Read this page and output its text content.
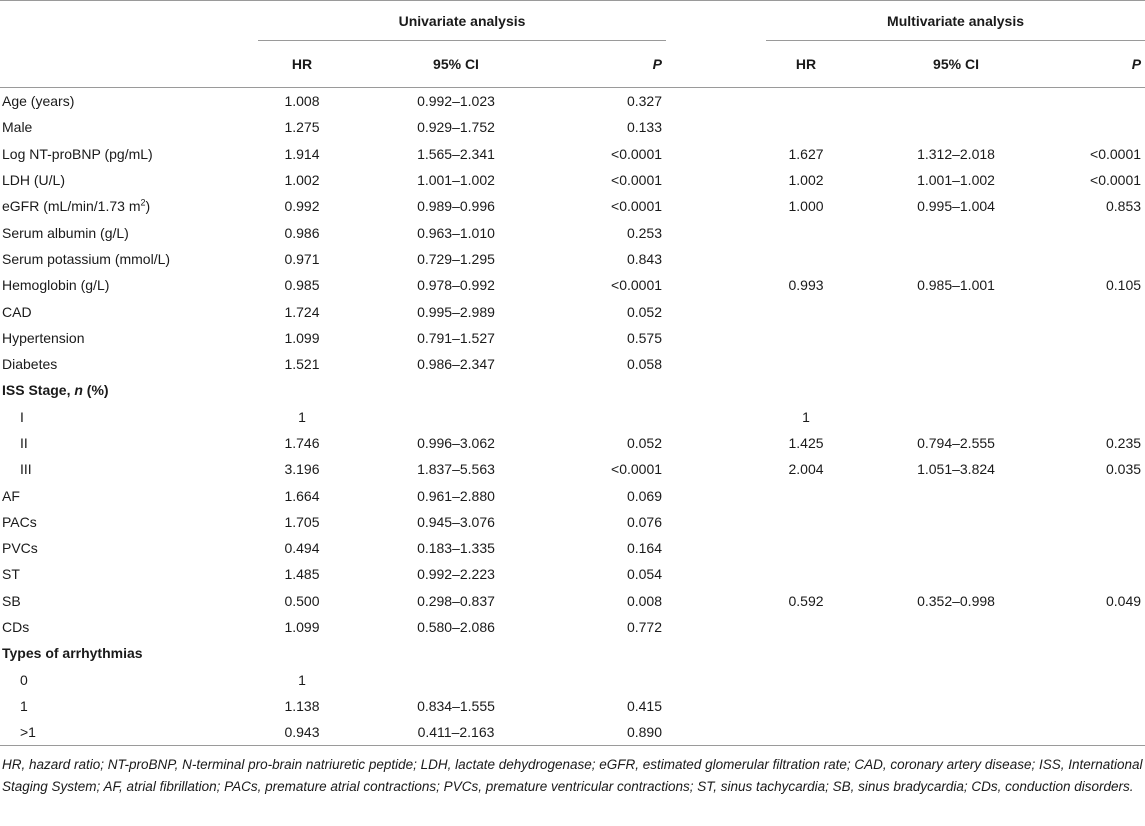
	Univariate analysis				Multivariate analysis		

	HR	95% CI	P		HR	95% CI	P
Age (years)	1.008	0.992–1.023	0.327				
Male	1.275	0.929–1.752	0.133				
Log NT-proBNP (pg/mL)	1.914	1.565–2.341	<0.0001		1.627	1.312–2.018	<0.0001
LDH (U/L)	1.002	1.001–1.002	<0.0001		1.002	1.001–1.002	<0.0001
eGFR (mL/min/1.73 $m^2$)	0.992	0.989–0.996	<0.0001		1.000	0.995–1.004	0.853
Serum albumin (g/L)	0.986	0.963–1.010	0.253				
Serum potassium (mmol/L)	0.971	0.729–1.295	0.843				
Hemoglobin (g/L)	0.985	0.978–0.992	<0.0001		0.993	0.985–1.001	0.105
CAD	1.724	0.995–2.989	0.052				
Hypertension	1.099	0.791–1.527	0.575				
Diabetes	1.521	0.986–2.347	0.058				
ISS Stage, n (%)							
I	1				1		
II	1.746	0.996–3.062	0.052		1.425	0.794–2.555	0.235
III	3.196	1.837–5.563	<0.0001		2.004	1.051–3.824	0.035
AF	1.664	0.961–2.880	0.069				
PACs	1.705	0.945–3.076	0.076				
PVCs	0.494	0.183–1.335	0.164				
ST	1.485	0.992–2.223	0.054				
SB	0.500	0.298–0.837	0.008		0.592	0.352–0.998	0.049
CDs	1.099	0.580–2.086	0.772				
Types of arrhythmias							
0	1						
1	1.138	0.834–1.555	0.415				
>1	0.943	0.411–2.163	0.890				
HR, hazard ratio; NT-proBNP, N-terminal pro-brain natriuretic peptide; LDH, lactate dehydrogenase; eGFR, estimated glomerular filtration rate; CAD, coronary artery disease; ISS, International Staging System; AF, atrial fibrillation; PACs, premature atrial contractions; PVCs, premature ventricular contractions; ST, sinus tachycardia; SB, sinus bradycardia; CDs, conduction disorders.
